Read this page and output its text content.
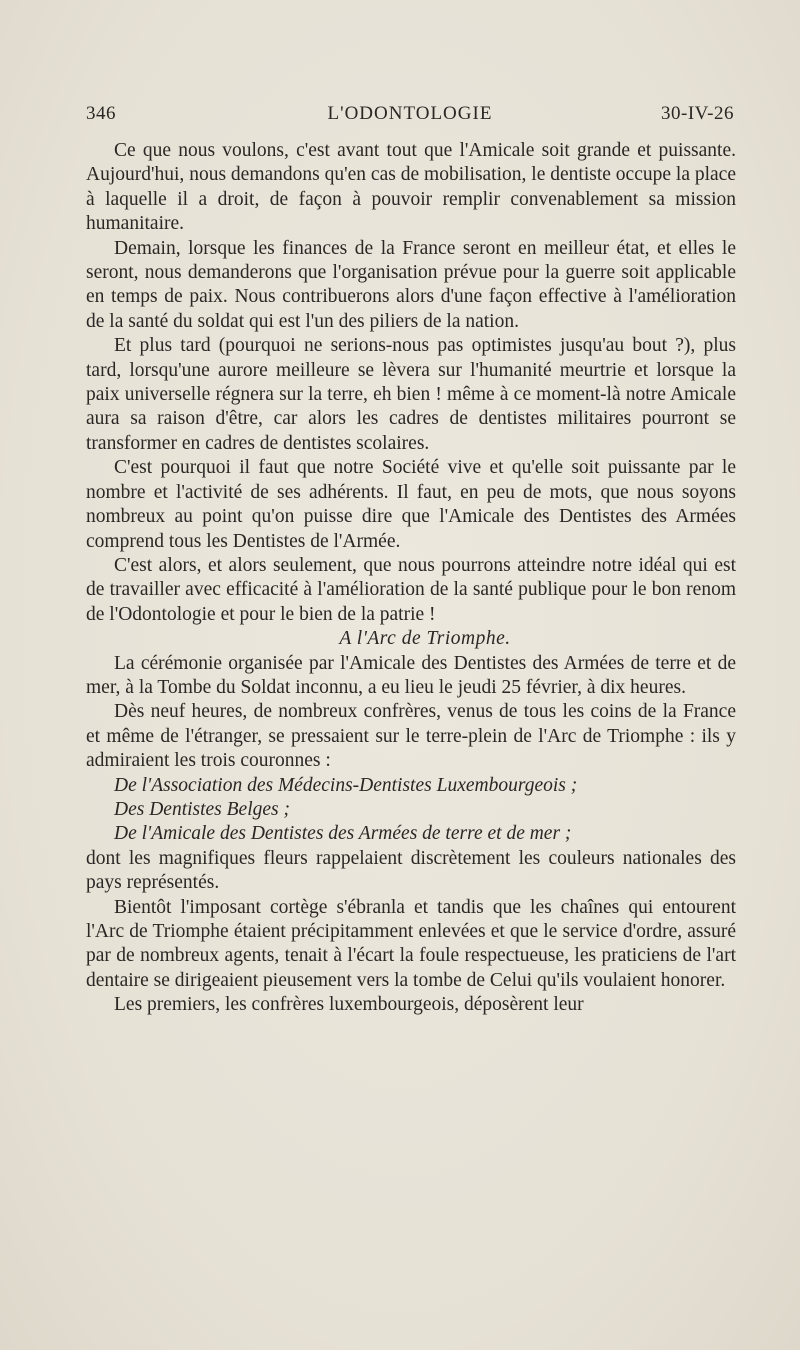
346	L'ODONTOLOGIE	30-IV-26

Ce que nous voulons, c'est avant tout que l'Amicale soit grande et puissante. Aujourd'hui, nous demandons qu'en cas de mobilisation, le dentiste occupe la place à laquelle il a droit, de façon à pouvoir remplir convenablement sa mission humanitaire.

Demain, lorsque les finances de la France seront en meilleur état, et elles le seront, nous demanderons que l'organisation prévue pour la guerre soit applicable en temps de paix. Nous contribuerons alors d'une façon effective à l'amélioration de la santé du soldat qui est l'un des piliers de la nation.

Et plus tard (pourquoi ne serions-nous pas optimistes jusqu'au bout ?), plus tard, lorsqu'une aurore meilleure se lèvera sur l'humanité meurtrie et lorsque la paix universelle régnera sur la terre, eh bien ! même à ce moment-là notre Amicale aura sa raison d'être, car alors les cadres de dentistes militaires pourront se transformer en cadres de dentistes scolaires.

C'est pourquoi il faut que notre Société vive et qu'elle soit puissante par le nombre et l'activité de ses adhérents. Il faut, en peu de mots, que nous soyons nombreux au point qu'on puisse dire que l'Amicale des Dentistes des Armées comprend tous les Dentistes de l'Armée.

C'est alors, et alors seulement, que nous pourrons atteindre notre idéal qui est de travailler avec efficacité à l'amélioration de la santé publique pour le bon renom de l'Odontologie et pour le bien de la patrie !

A l'Arc de Triomphe.

La cérémonie organisée par l'Amicale des Dentistes des Armées de terre et de mer, à la Tombe du Soldat inconnu, a eu lieu le jeudi 25 février, à dix heures.

Dès neuf heures, de nombreux confrères, venus de tous les coins de la France et même de l'étranger, se pressaient sur le terre-plein de l'Arc de Triomphe : ils y admiraient les trois couronnes :

De l'Association des Médecins-Dentistes Luxembourgeois ;

Des Dentistes Belges ;

De l'Amicale des Dentistes des Armées de terre et de mer ;

dont les magnifiques fleurs rappelaient discrètement les couleurs nationales des pays représentés.

Bientôt l'imposant cortège s'ébranla et tandis que les chaînes qui entourent l'Arc de Triomphe étaient précipitamment enlevées et que le service d'ordre, assuré par de nombreux agents, tenait à l'écart la foule respectueuse, les praticiens de l'art dentaire se dirigeaient pieusement vers la tombe de Celui qu'ils voulaient honorer.

Les premiers, les confrères luxembourgeois, déposèrent leur
